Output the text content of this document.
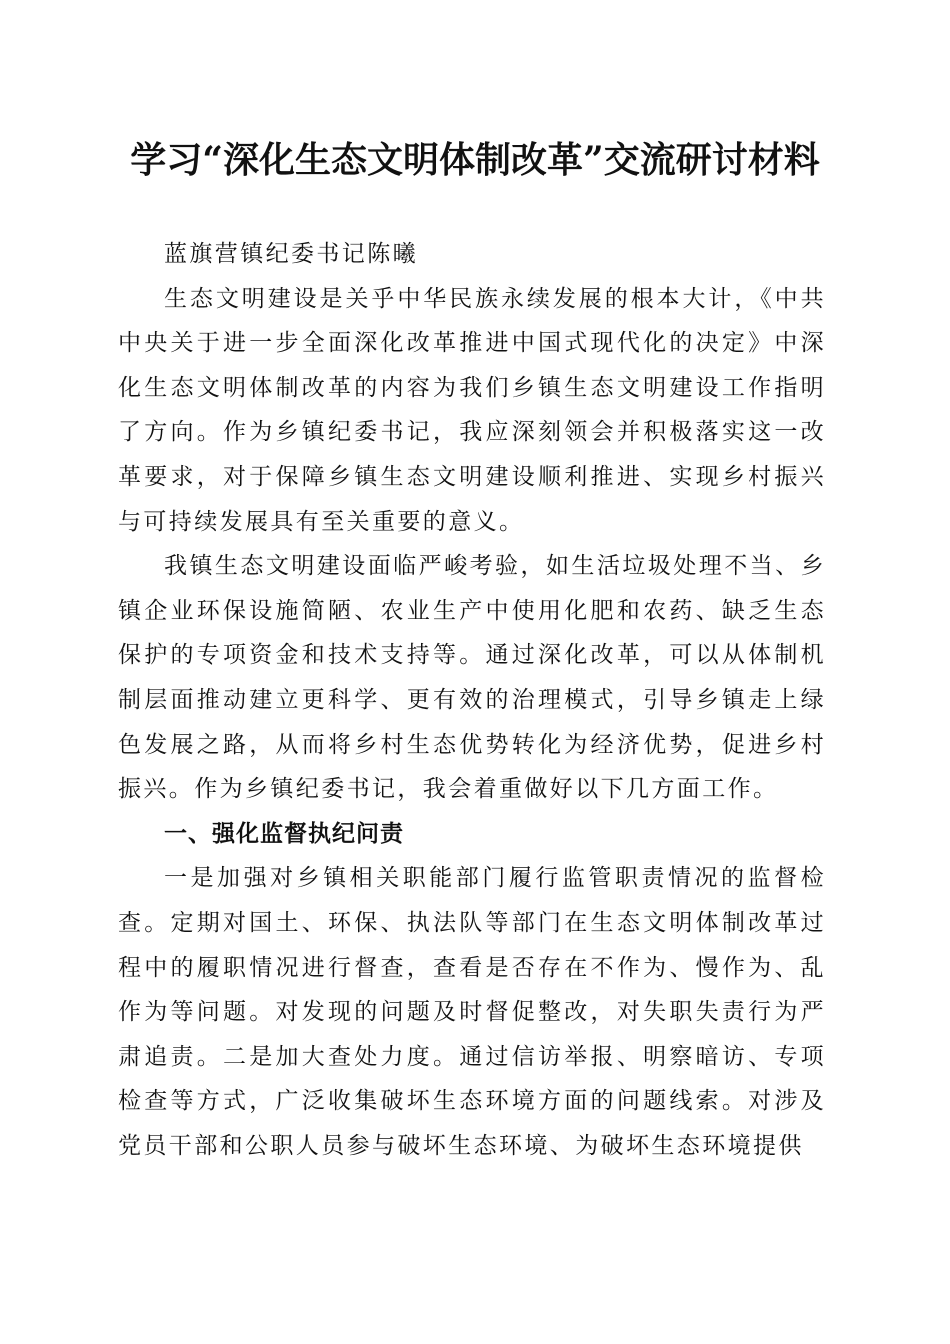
学习“深化生态文明体制改革”交流研讨材料

蓝旗营镇纪委书记陈曦

生态文明建设是关乎中华民族永续发展的根本大计，《中共中央关于进一步全面深化改革推进中国式现代化的决定》中深化生态文明体制改革的内容为我们乡镇生态文明建设工作指明了方向。作为乡镇纪委书记，我应深刻领会并积极落实这一改革要求，对于保障乡镇生态文明建设顺利推进、实现乡村振兴与可持续发展具有至关重要的意义。

我镇生态文明建设面临严峻考验，如生活垃圾处理不当、乡镇企业环保设施简陋、农业生产中使用化肥和农药、缺乏生态保护的专项资金和技术支持等。通过深化改革，可以从体制机制层面推动建立更科学、更有效的治理模式，引导乡镇走上绿色发展之路，从而将乡村生态优势转化为经济优势，促进乡村振兴。作为乡镇纪委书记，我会着重做好以下几方面工作。

一、强化监督执纪问责

一是加强对乡镇相关职能部门履行监管职责情况的监督检查。定期对国土、环保、执法队等部门在生态文明体制改革过程中的履职情况进行督查，查看是否存在不作为、慢作为、乱作为等问题。对发现的问题及时督促整改，对失职失责行为严肃追责。二是加大查处力度。通过信访举报、明察暗访、专项检查等方式，广泛收集破坏生态环境方面的问题线索。对涉及党员干部和公职人员参与破坏生态环境、为破坏生态环境提供
